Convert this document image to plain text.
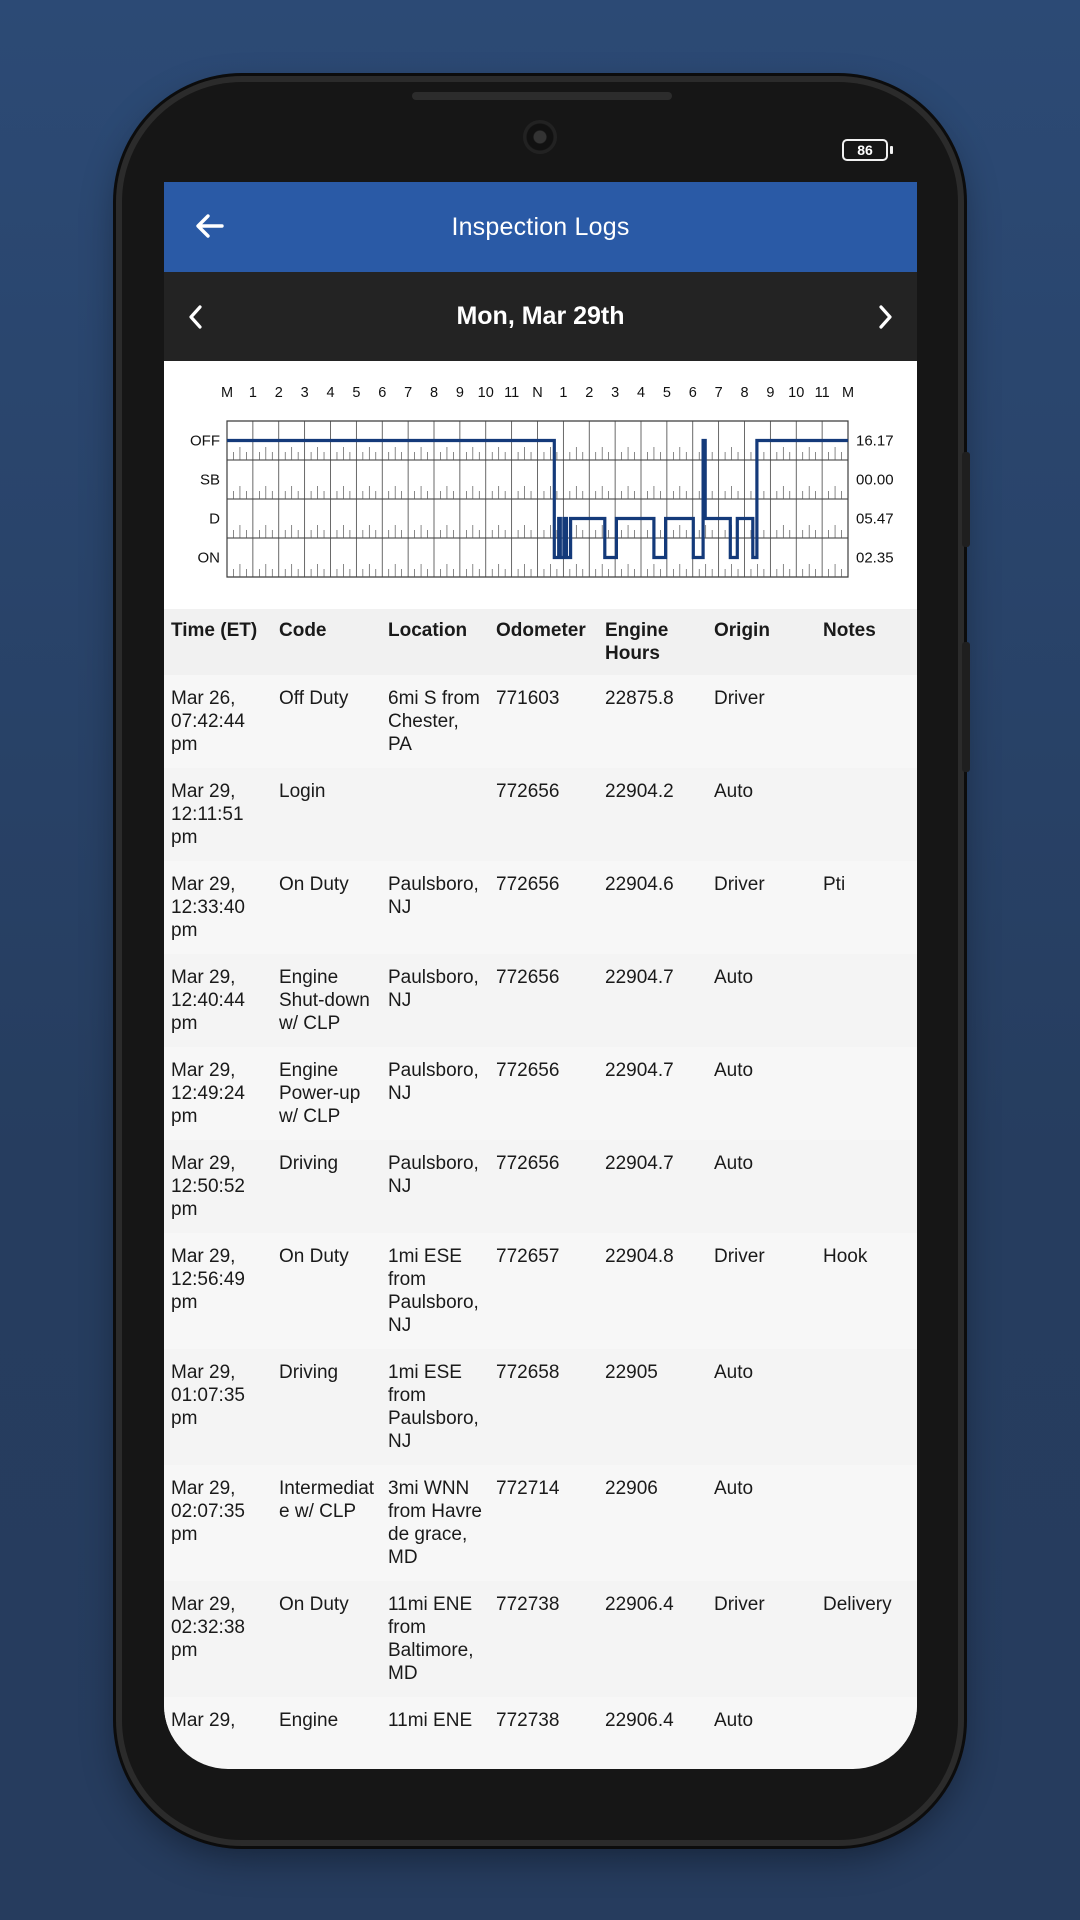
86
Inspection Logs
Mon, Mar 29th
M 1 2 3 4 5 6 7 8 9 10 11 N 1 2 3 4 5 6 7 8 9 10 11 M
OFF	16.17
SB	00.00
D	05.47
ON	02.35
Time (ET)	Code	Location	Odometer	Engine Hours	Origin	Notes
Mar 26, 07:42:44 pm	Off Duty	6mi S from Chester, PA	771603	22875.8	Driver	
Mar 29, 12:11:51 pm	Login		772656	22904.2	Auto	
Mar 29, 12:33:40 pm	On Duty	Paulsboro, NJ	772656	22904.6	Driver	Pti
Mar 29, 12:40:44 pm	Engine Shut-down w/ CLP	Paulsboro, NJ	772656	22904.7	Auto	
Mar 29, 12:49:24 pm	Engine Power-up w/ CLP	Paulsboro, NJ	772656	22904.7	Auto	
Mar 29, 12:50:52 pm	Driving	Paulsboro, NJ	772656	22904.7	Auto	
Mar 29, 12:56:49 pm	On Duty	1mi ESE from Paulsboro, NJ	772657	22904.8	Driver	Hook
Mar 29, 01:07:35 pm	Driving	1mi ESE from Paulsboro, NJ	772658	22905	Auto	
Mar 29, 02:07:35 pm	Intermediate w/ CLP	3mi WNN from Havre de grace, MD	772714	22906	Auto	
Mar 29, 02:32:38 pm	On Duty	11mi ENE from Baltimore, MD	772738	22906.4	Driver	Delivery
Mar 29,	Engine	11mi ENE	772738	22906.4	Auto	
